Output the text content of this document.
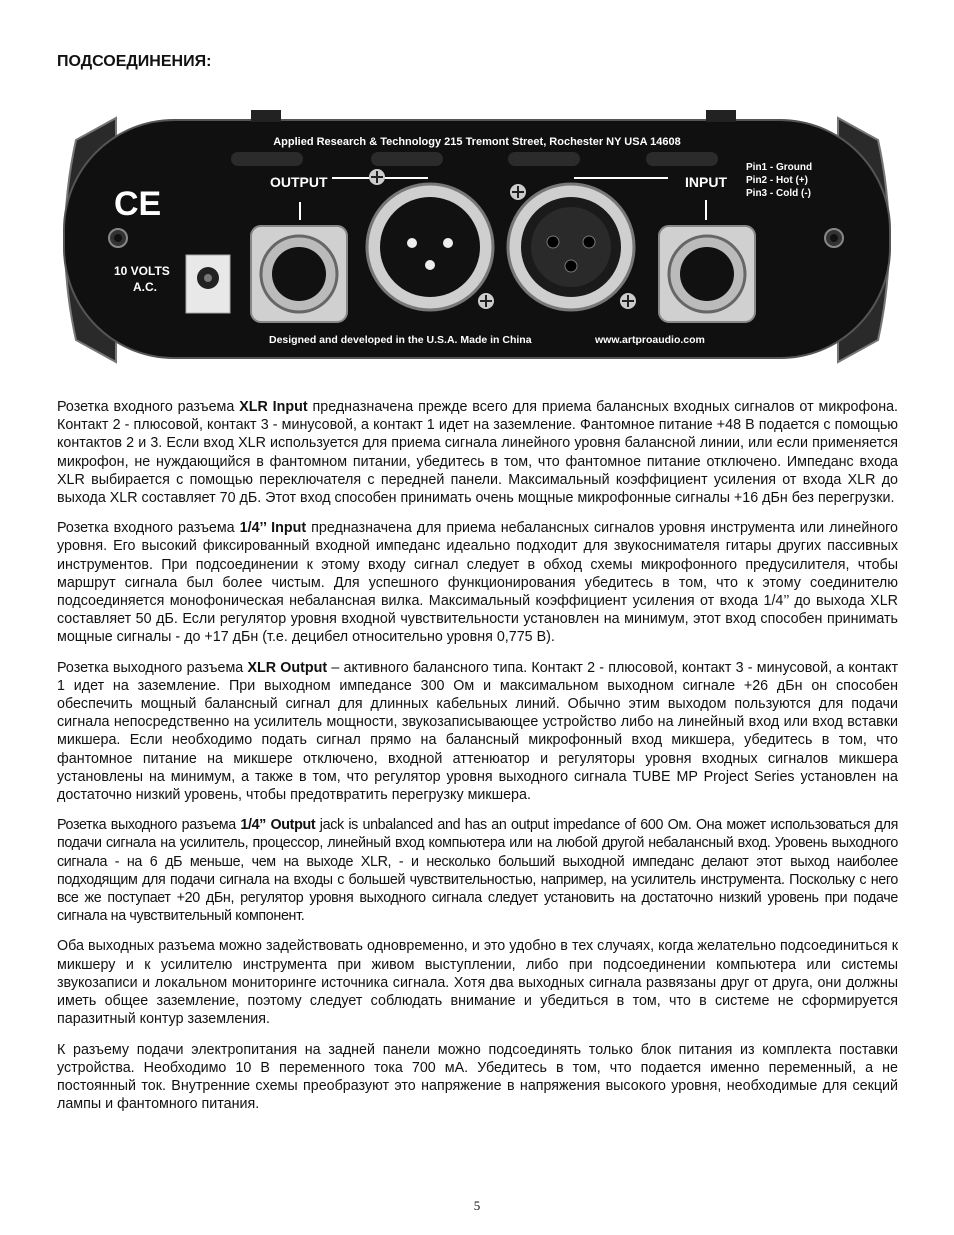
ПОДСОЕДИНЕНИЯ:
CE
10 VOLTS
A.C.
Applied Research & Technology 215 Tremont Street, Rochester NY USA 14608
OUTPUT	INPUT
Pin1 - Ground
Pin2 - Hot (+)
Pin3 - Cold (-)
Designed and developed in the U.S.A. Made in China	www.artproaudio.com

Розетка входного разъема XLR Input предназначена прежде всего для приема балансных входных сигналов от микрофона. Контакт 2 - плюсовой, контакт 3 - минусовой, а контакт 1 идет на заземление. Фантомное питание +48 В подается с помощью контактов 2 и 3. Если вход XLR используется для приема сигнала линейного уровня балансной линии, или если применяется микрофон, не нуждающийся в фантомном питании, убедитесь в том, что фантомное питание отключено. Импеданс входа XLR выбирается с помощью переключателя с передней панели. Максимальный коэффициент усиления от входа XLR до выхода XLR составляет 70 дБ. Этот вход способен принимать очень мощные микрофонные сигналы +16 дБн без перегрузки.

Розетка входного разъема 1/4’’ Input предназначена для приема небалансных сигналов уровня инструмента или линейного уровня. Его высокий фиксированный входной импеданс идеально подходит для звукоснимателя гитары других пассивных инструментов. При подсоединении к этому входу сигнал следует в обход схемы микрофонного предусилителя, чтобы маршрут сигнала был более чистым. Для успешного функционирования убедитесь в том, что к этому соединителю подсоединяется монофоническая небалансная вилка. Максимальный коэффициент усиления от входа 1/4’’ до выхода XLR составляет 50 дБ. Если регулятор уровня входной чувствительности установлен на минимум, этот вход способен принимать мощные сигналы - до +17 дБн (т.е. децибел относительно уровня 0,775 В).

Розетка выходного разъема XLR Output – активного балансного типа. Контакт 2 - плюсовой, контакт 3 - минусовой, а контакт 1 идет на заземление. При выходном импедансе 300 Ом и максимальном выходном сигнале +26 дБн он способен обеспечить мощный балансный сигнал для длинных кабельных линий. Обычно этим выходом пользуются для подачи сигнала непосредственно на усилитель мощности, звукозаписывающее устройство либо на линейный вход или вход вставки микшера. Если необходимо подать сигнал прямо на балансный микрофонный вход микшера, убедитесь в том, что фантомное питание на микшере отключено, входной аттенюатор и регуляторы уровня входных сигналов микшера установлены на минимум, а также в том, что регулятор уровня выходного сигнала TUBE MP Project Series установлен на достаточно низкий уровень, чтобы предотвратить перегрузку микшера.

Розетка выходного разъема 1/4” Output jack is unbalanced and has an output impedance of 600 Ом. Она может использоваться для подачи сигнала на усилитель, процессор, линейный вход компьютера или на любой другой небалансный вход. Уровень выходного сигнала - на 6 дБ меньше, чем на выходе XLR, - и несколько больший выходной импеданс делают этот выход наиболее подходящим для подачи сигнала на входы с большей чувствительностью, например, на усилитель инструмента. Поскольку с него все же поступает +20 дБн, регулятор уровня выходного сигнала следует установить на достаточно низкий уровень при подаче сигнала на чувствительный компонент.

Оба выходных разъема можно задействовать одновременно, и это удобно в тех случаях, когда желательно подсоединиться к микшеру и к усилителю инструмента при живом выступлении, либо при подсоединении компьютера или системы звукозаписи и локальном мониторинге источника сигнала. Хотя два выходных сигнала развязаны друг от друга, они должны иметь общее заземление, поэтому следует соблюдать внимание и убедиться в том, что в системе не сформируется паразитный контур заземления.

К разъему подачи электропитания на задней панели можно подсоединять только блок питания из комплекта поставки устройства. Необходимо 10 В переменного тока 700 мА. Убедитесь в том, что подается именно переменный, а не постоянный ток. Внутренние схемы преобразуют это напряжение в напряжения высокого уровня, необходимые для секций лампы и фантомного питания.

5
